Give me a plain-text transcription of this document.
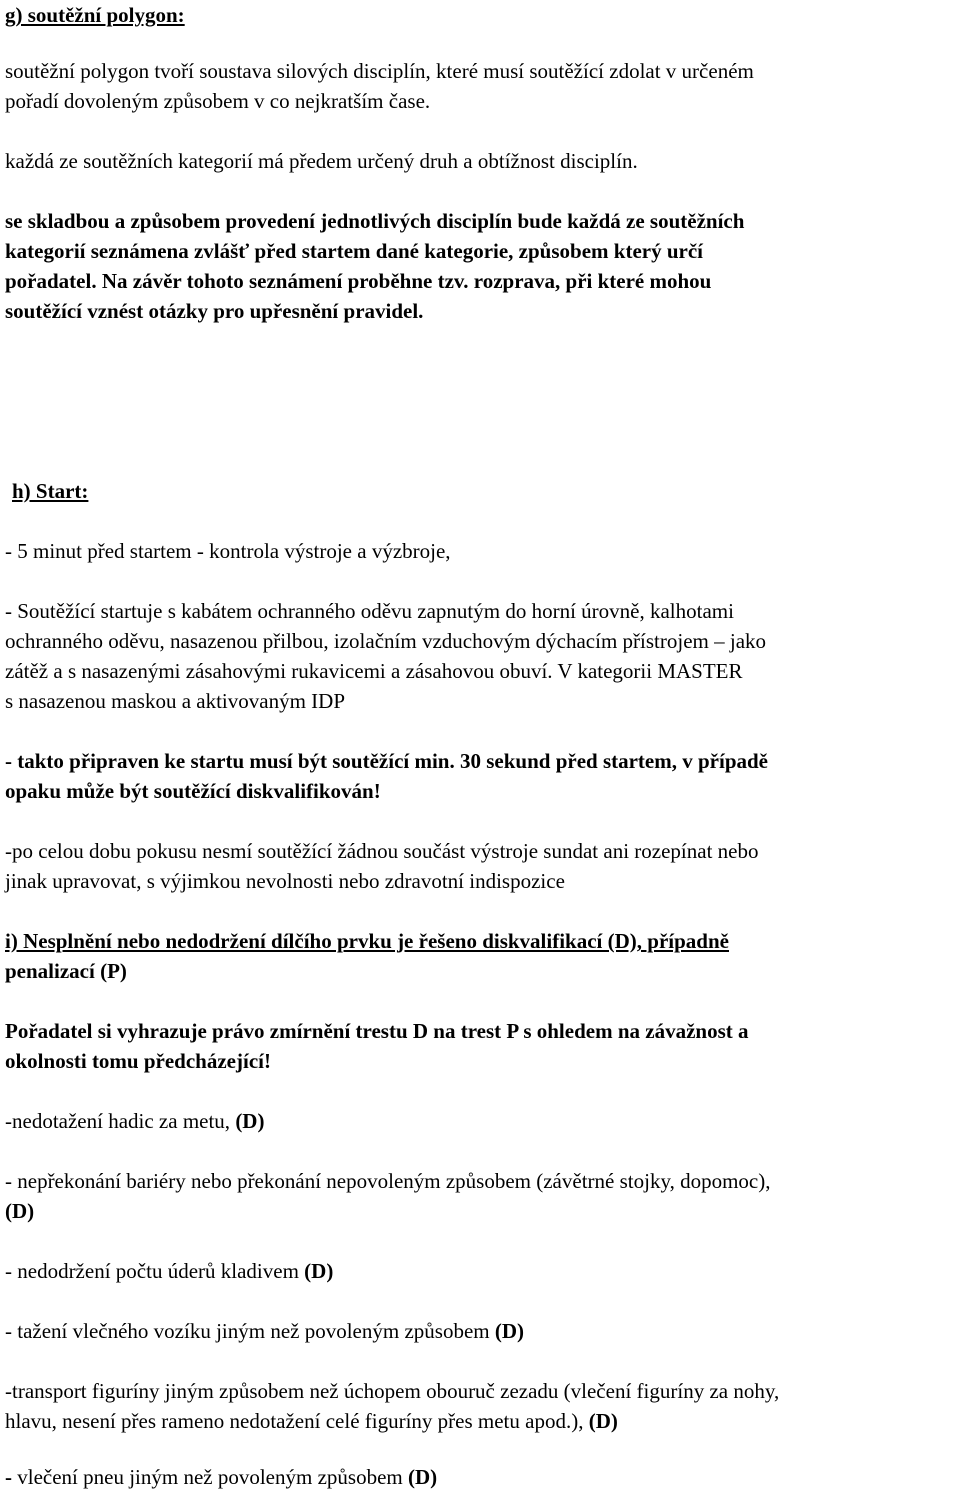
g) soutěžní polygon:
soutěžní polygon tvoří soustava silových disciplín, které musí soutěžící zdolat v určeném
pořadí dovoleným způsobem v co nejkratším čase.
každá ze soutěžních kategorií má předem určený druh a obtížnost disciplín.
se skladbou a způsobem provedení jednotlivých disciplín bude každá ze soutěžních
kategorií seznámena zvlášť před startem dané kategorie, způsobem který určí
pořadatel. Na závěr tohoto seznámení proběhne tzv. rozprava, při které mohou
soutěžící vznést otázky pro upřesnění pravidel.
h) Start:
- 5 minut před startem - kontrola výstroje a výzbroje,
- Soutěžící startuje s kabátem ochranného oděvu zapnutým do horní úrovně, kalhotami
ochranného oděvu, nasazenou přilbou, izolačním vzduchovým dýchacím přístrojem – jako
zátěž a s nasazenými zásahovými rukavicemi a zásahovou obuví. V kategorii MASTER
s nasazenou maskou a aktivovaným IDP
- takto připraven ke startu musí být soutěžící min. 30 sekund před startem, v případě
opaku může být soutěžící diskvalifikován!
-po celou dobu pokusu nesmí soutěžící žádnou součást výstroje sundat ani rozepínat nebo
jinak upravovat, s výjimkou nevolnosti nebo zdravotní indispozice
i) Nesplnění nebo nedodržení dílčího prvku je řešeno diskvalifikací (D), případně
penalizací (P)
Pořadatel si vyhrazuje právo zmírnění trestu D na trest P s ohledem na závažnost a
okolnosti tomu předcházející!
-nedotažení hadic za metu, (D)
- nepřekonání bariéry nebo překonání nepovoleným způsobem (závětrné stojky, dopomoc),
(D)
- nedodržení počtu úderů kladivem (D)
- tažení vlečného vozíku jiným než povoleným způsobem (D)
-transport figuríny jiným způsobem než úchopem obouruč zezadu (vlečení figuríny za nohy,
hlavu, nesení přes rameno nedotažení celé figuríny přes metu apod.), (D)
- vlečení pneu jiným než povoleným způsobem (D)
